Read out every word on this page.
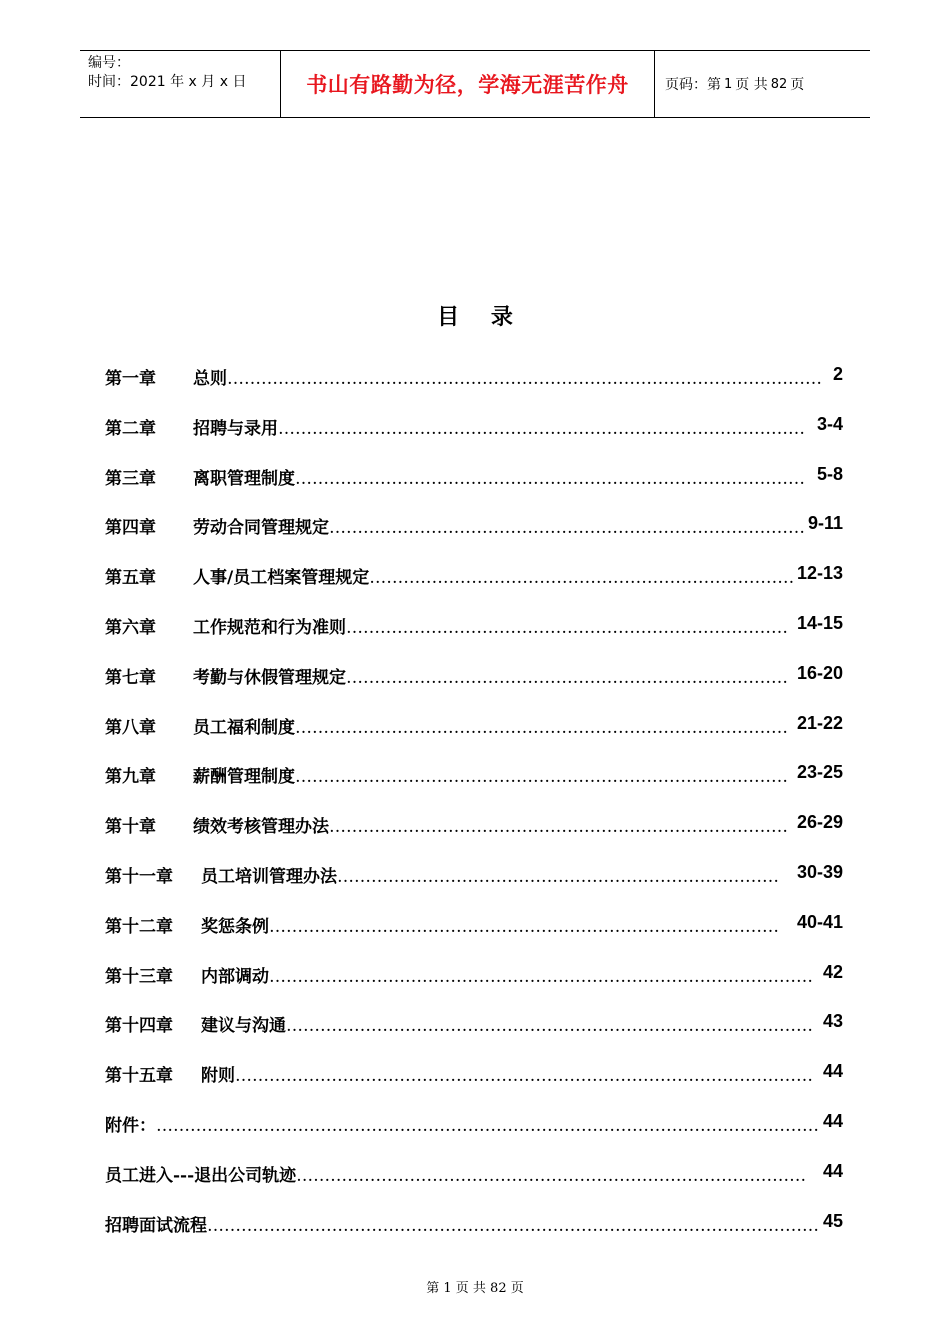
编号：
时间：2021 年 x 月 x 日	书山有路勤为径，学海无涯苦作舟	页码：第 1 页 共 82 页
目 录
第一章 总则…………………………………………………………………………………………… 2
第二章 招聘与录用………………………………………………………………………………… 3-4
第三章 离职管理制度……………………………………………………………………………… 5-8
第四章 劳动合同管理规定………………………………………………………………………… 9-11
第五章 人事/员工档案管理规定………………………………………………………………… 12-13
第六章 工作规范和行为准则…………………………………………………………………… 14-15
第七章 考勤与休假管理规定…………………………………………………………………… 16-20
第八章 员工福利制度…………………………………………………………………………… 21-22
第九章 薪酬管理制度…………………………………………………………………………… 23-25
第十章 绩效考核管理办法……………………………………………………………………… 26-29
第十一章 员工培训管理办法…………………………………………………………………… 30-39
第十二章 奖惩条例……………………………………………………………………………… 40-41
第十三章 内部调动…………………………………………………………………………………… 42
第十四章 建议与沟通………………………………………………………………………………… 43
第十五章 附则………………………………………………………………………………………… 44
附件：……………………………………………………………………………………………………… 44
员工进入---退出公司轨迹……………………………………………………………………………… 44
招聘面试流程……………………………………………………………………………………………… 45
第 1 页 共 82 页
